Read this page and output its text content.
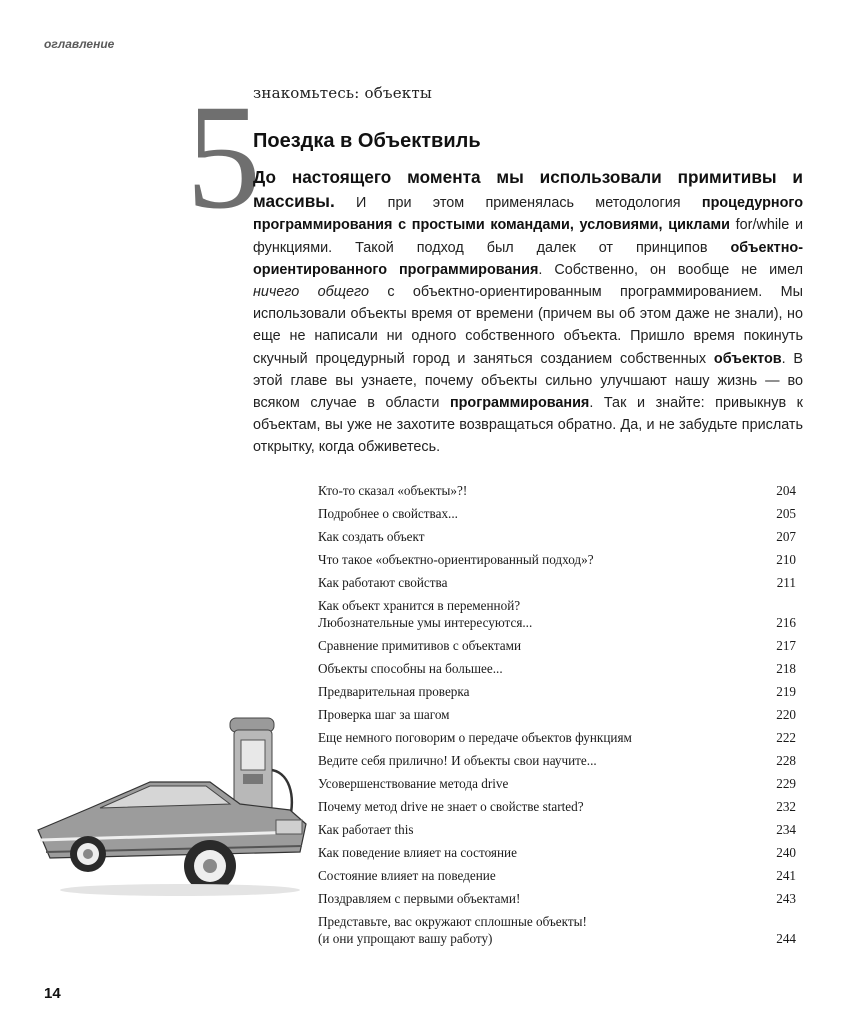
оглавление
знакомьтесь: объекты
5
Поездка в Объектвиль
До настоящего момента мы использовали примитивы и массивы. И при этом применялась методология процедурного программирования с простыми командами, условиями, циклами for/while и функциями. Такой подход был далек от принципов объектно-ориентированного программирования. Собственно, он вообще не имел ничего общего с объектно-ориентированным программированием. Мы использовали объекты время от времени (причем вы об этом даже не знали), но еще не написали ни одного собственного объекта. Пришло время покинуть скучный процедурный город и заняться созданием собственных объектов. В этой главе вы узнаете, почему объекты сильно улучшают нашу жизнь — во всяком случае в области программирования. Так и знайте: привыкнув к объектам, вы уже не захотите возвращаться обратно. Да, и не забудьте прислать открытку, когда обживетесь.
Кто-то сказал «объекты»?!	204
Подробнее о свойствах...	205
Как создать объект	207
Что такое «объектно-ориентированный подход»?	210
Как работают свойства	211
Как объект хранится в переменной?
Любознательные умы интересуются...	216
Сравнение примитивов с объектами	217
Объекты способны на большее...	218
Предварительная проверка	219
Проверка шаг за шагом	220
Еще немного поговорим о передаче объектов функциям	222
Ведите себя прилично! И объекты свои научите...	228
Усовершенствование метода drive	229
Почему метод drive не знает о свойстве started?	232
Как работает this	234
Как поведение влияет на состояние	240
Состояние влияет на поведение	241
Поздравляем с первыми объектами!	243
Представьте, вас окружают сплошные объекты!
(и они упрощают вашу работу)	244
14
